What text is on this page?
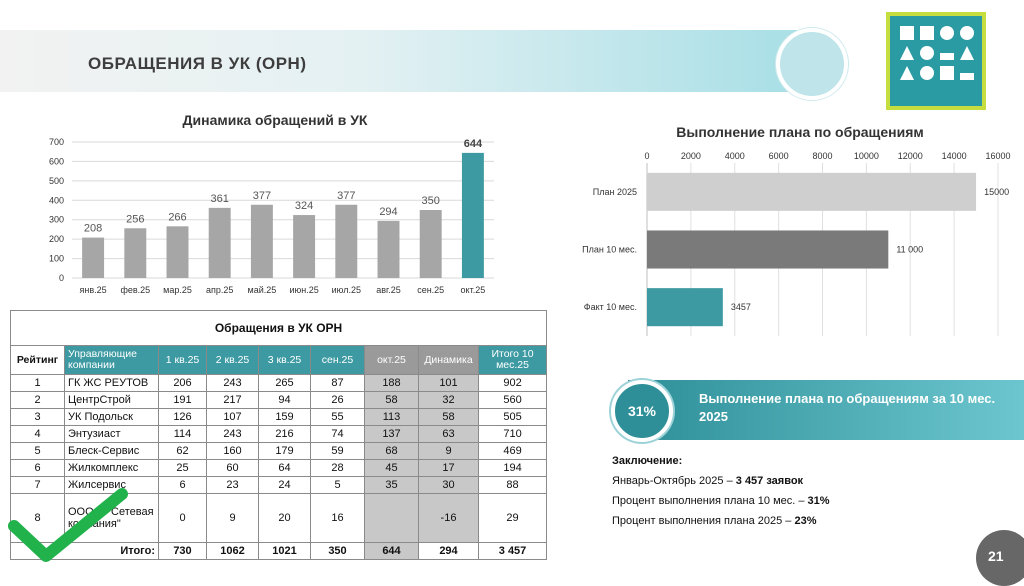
ОБРАЩЕНИЯ В УК (ОРН)
Динамика обращений в УК
Выполнение плана по обращениям
0
100
200
300
400
500
600
700
208
янв.25
256
фев.25
266
мар.25
361
апр.25
377
май.25
324
июн.25
377
июл.25
294
авг.25
350
сен.25
644
окт.25
0	2000	4000	6000	8000 10000 12000 14000 16000
План 2025	15000
План 10 мес.	11 000
Факт 10 мес.	3457
Обращения в УК ОРН								
Рейтинг	Управляющие компании	1 кв.25	2 кв.25	3 кв.25	сен.25	окт.25	Динамика	Итого 10 мес.25
1	ГК ЖС РЕУТОВ	206	243	265	87	188	101	902
2	ЦентрСтрой	191	217	94	26	58	32	560
3	УК Подольск	126	107	159	55	113	58	505
4	Энтузиаст	114	243	216	74	137	63	710
5	Блеск-Сервис	62	160	179	59	68	9	469
6	Жилкомплекс	25	60	64	28	45	17	194
7	Жилсервис	6	23	24	5	35	30	88
8	ООО "Р Сетевая компания"	0	9	20	16		-16	29
Итого:		730	1062	1021	350	644	294	3 457
31%
Выполнение плана по обращениям за 10 мес. 2025
Заключение:
Январь-Октябрь 2025 – 3 457 заявок
Процент выполнения плана 10 мес. – 31%
Процент выполнения плана 2025 – 23%
21
